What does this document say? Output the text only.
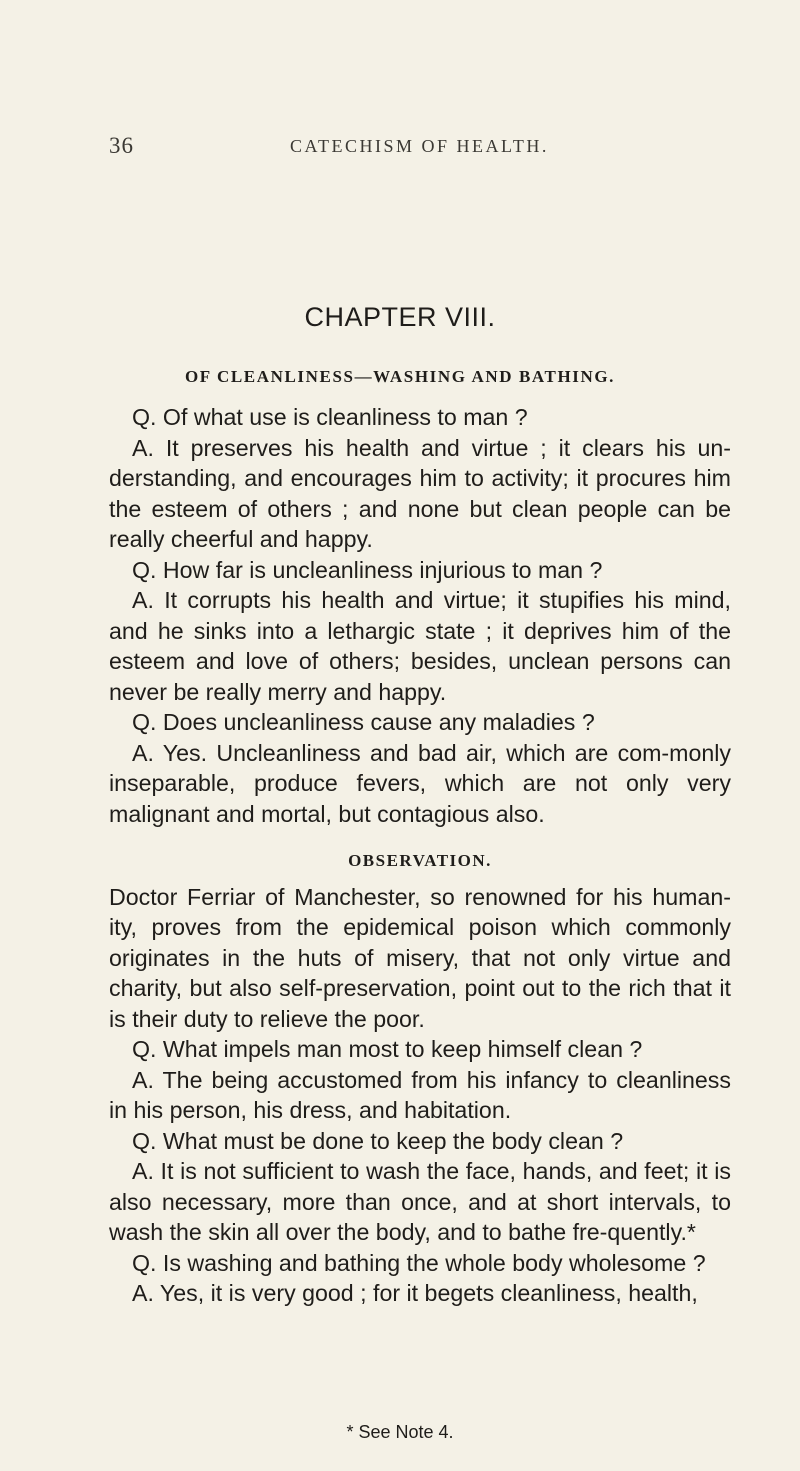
36	CATECHISM OF HEALTH.
CHAPTER VIII.
OF CLEANLINESS—WASHING AND BATHING.

Q. Of what use is cleanliness to man ?

A. It preserves his health and virtue ; it clears his un-derstanding, and encourages him to activity; it procures him the esteem of others ; and none but clean people can be really cheerful and happy.

Q. How far is uncleanliness injurious to man ?

A. It corrupts his health and virtue; it stupifies his mind, and he sinks into a lethargic state ; it deprives him of the esteem and love of others; besides, unclean persons can never be really merry and happy.

Q. Does uncleanliness cause any maladies ?

A. Yes. Uncleanliness and bad air, which are com-monly inseparable, produce fevers, which are not only very malignant and mortal, but contagious also.

OBSERVATION.

Doctor Ferriar of Manchester, so renowned for his human-ity, proves from the epidemical poison which commonly originates in the huts of misery, that not only virtue and charity, but also self-preservation, point out to the rich that it is their duty to relieve the poor.

Q. What impels man most to keep himself clean ?

A. The being accustomed from his infancy to cleanliness in his person, his dress, and habitation.

Q. What must be done to keep the body clean ?

A. It is not sufficient to wash the face, hands, and feet; it is also necessary, more than once, and at short intervals, to wash the skin all over the body, and to bathe fre-quently.*

Q. Is washing and bathing the whole body wholesome ?

A. Yes, it is very good ; for it begets cleanliness, health,

* See Note 4.
